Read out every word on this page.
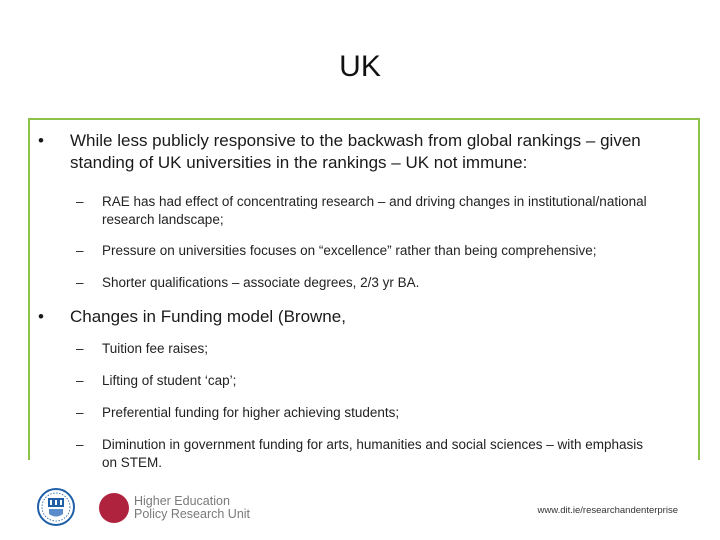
UK
• While less publicly responsive to the backwash from global rankings – given standing of UK universities in the rankings – UK not immune:
– RAE has had effect of concentrating research – and driving changes in institutional/national research landscape;
– Pressure on universities focuses on “excellence” rather than being comprehensive;
– Shorter qualifications – associate degrees, 2/3 yr BA.
• Changes in Funding model (Browne,
– Tuition fee raises;
– Lifting of student ‘cap’;
– Preferential funding for higher achieving students;
– Diminution in government funding for arts, humanities and social sciences – with emphasis on STEM.
Higher Education
Policy Research Unit	www.dit.ie/researchandenterprise
